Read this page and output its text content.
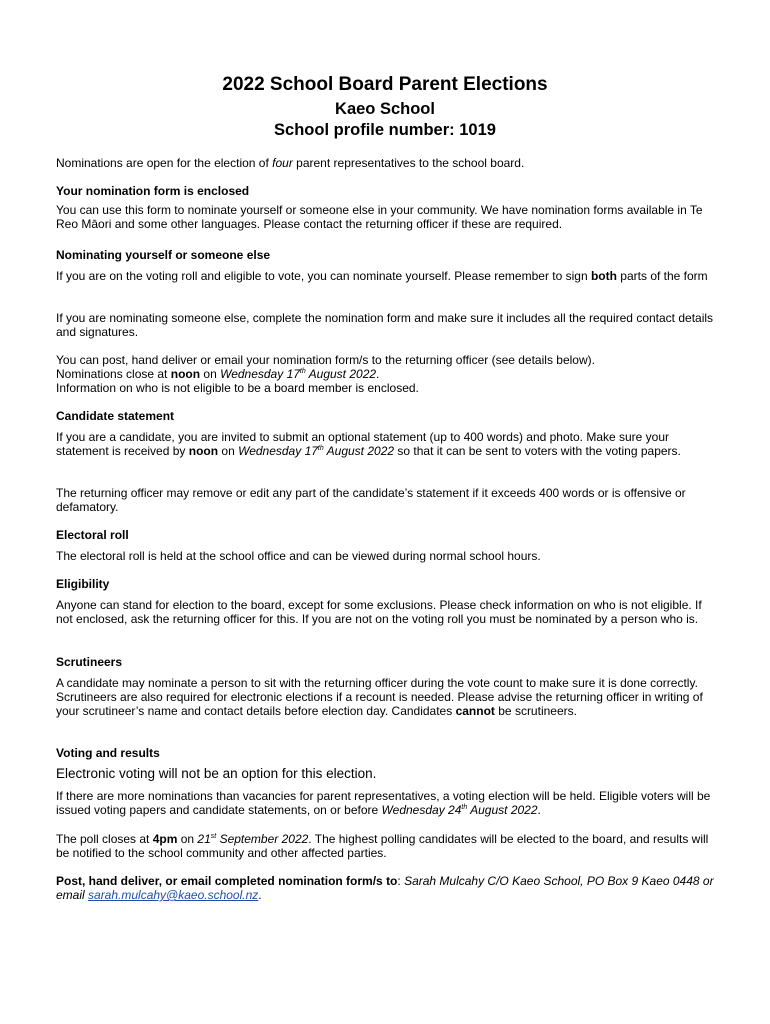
2022 School Board Parent Elections
Kaeo School
School profile number: 1019

Nominations are open for the election of four parent representatives to the school board.

Your nomination form is enclosed

You can use this form to nominate yourself or someone else in your community. We have nomination forms available in Te Reo Māori and some other languages. Please contact the returning officer if these are required.

Nominating yourself or someone else

If you are on the voting roll and eligible to vote, you can nominate yourself. Please remember to sign both parts of the form

If you are nominating someone else, complete the nomination form and make sure it includes all the required contact details and signatures.

You can post, hand deliver or email your nomination form/s to the returning officer (see details below).
Nominations close at noon on Wednesday 17th August 2022.
Information on who is not eligible to be a board member is enclosed.

Candidate statement

If you are a candidate, you are invited to submit an optional statement (up to 400 words) and photo. Make sure your statement is received by noon on Wednesday 17th August 2022 so that it can be sent to voters with the voting papers.

The returning officer may remove or edit any part of the candidate’s statement if it exceeds 400 words or is offensive or defamatory.

Electoral roll

The electoral roll is held at the school office and can be viewed during normal school hours.

Eligibility

Anyone can stand for election to the board, except for some exclusions. Please check information on who is not eligible. If not enclosed, ask the returning officer for this. If you are not on the voting roll you must be nominated by a person who is.

Scrutineers

A candidate may nominate a person to sit with the returning officer during the vote count to make sure it is done correctly. Scrutineers are also required for electronic elections if a recount is needed. Please advise the returning officer in writing of your scrutineer’s name and contact details before election day. Candidates cannot be scrutineers.

Voting and results

Electronic voting will not be an option for this election.

If there are more nominations than vacancies for parent representatives, a voting election will be held. Eligible voters will be issued voting papers and candidate statements, on or before Wednesday 24th August 2022.

The poll closes at 4pm on 21st September 2022. The highest polling candidates will be elected to the board, and results will be notified to the school community and other affected parties.

Post, hand deliver, or email completed nomination form/s to: Sarah Mulcahy C/O Kaeo School, PO Box 9 Kaeo 0448 or email sarah.mulcahy@kaeo.school.nz.
